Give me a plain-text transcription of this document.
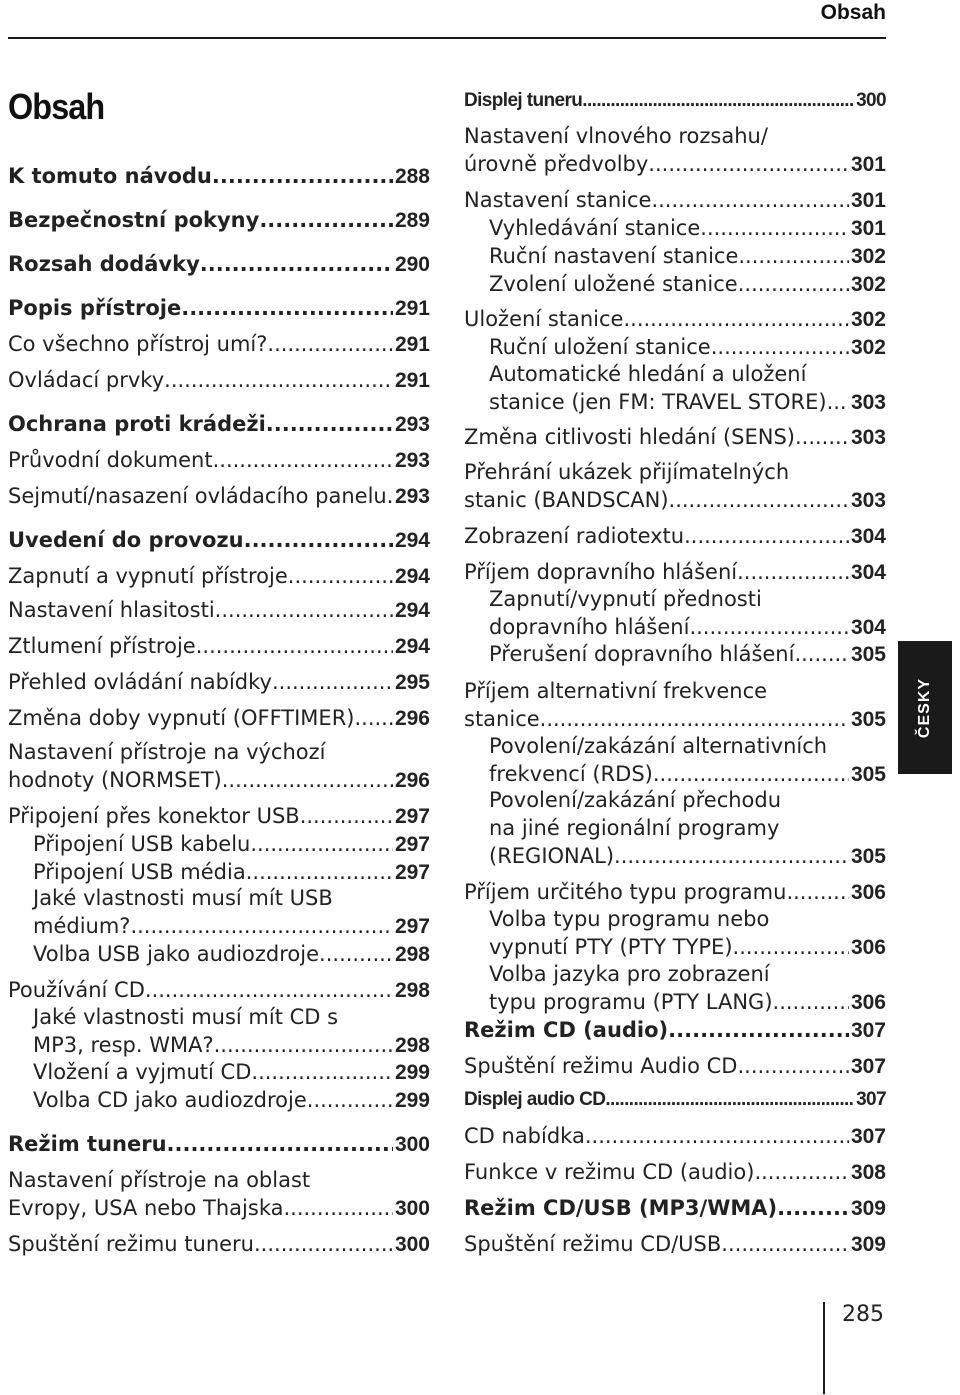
Obsah
Obsah
K tomuto návodu .....	288
Bezpečnostní pokyny .....	289
Rozsah dodávky .....	290
Popis přístroje .....	291
Co všechno přístroj umí? .....	291
Ovládací prvky .....	291
Ochrana proti krádeži .....	293
Průvodní dokument .....	293
Sejmutí/nasazení ovládacího panelu ..... 293
Uvedení do provozu .....	294
Zapnutí a vypnutí přístroje .....	294
Nastavení hlasitosti .....	294
Ztlumení přístroje .....	294
Přehled ovládání nabídky .....	295
Změna doby vypnutí (OFFTIMER) ..... 296
Nastavení přístroje na výchozí
hodnoty (NORMSET) .....	296
Připojení přes konektor USB .....	297
Připojení USB kabelu .....	297
Připojení USB média .....	297
Jaké vlastnosti musí mít USB
médium? .....	297
Volba USB jako audiozdroje .....	298
Používání CD .....	298
Jaké vlastnosti musí mít CD s
MP3, resp. WMA? .....	298
Vložení a vyjmutí CD .....	299
Volba CD jako audiozdroje .....	299
Režim tuneru .....	300
Nastavení přístroje na oblast
Evropy, USA nebo Thajska .....	300
Spuštění režimu tuneru .....	300
Displej tuneru .....	300
Nastavení vlnového rozsahu/
úrovně předvolby .....	301
Nastavení stanice .....	301
Vyhledávání stanice .....	301
Ruční nastavení stanice .....	302
Zvolení uložené stanice .....	302
Uložení stanice .....	302
Ruční uložení stanice .....	302
Automatické hledání a uložení
stanice (jen FM: TRAVEL STORE) ..... 303
Změna citlivosti hledání (SENS) .....	303
Přehrání ukázek přijímatelných
stanic (BANDSCAN) .....	303
Zobrazení radiotextu .....	304
Příjem dopravního hlášení .....	304
Zapnutí/vypnutí přednosti
dopravního hlášení .....	304
Přerušení dopravního hlášení .....	305
Příjem alternativní frekvence
stanice .....	305
Povolení/zakázání alternativních
frekvencí (RDS) .....	305
Povolení/zakázání přechodu na jiné regionální programy
(REGIONAL) .....	305
Příjem určitého typu programu .....	306
Volba typu programu nebo
vypnutí PTY (PTY TYPE) .....	306
Volba jazyka pro zobrazení
typu programu (PTY LANG) .....	306
Režim CD (audio) .....	307
Spuštění režimu Audio CD .....	307
Displej audio CD .....	307
CD nabídka .....	307
Funkce v režimu CD (audio) .....	308
Režim CD/USB (MP3/WMA) .....	309
Spuštění režimu CD/USB .....	309
ČESKY
285
